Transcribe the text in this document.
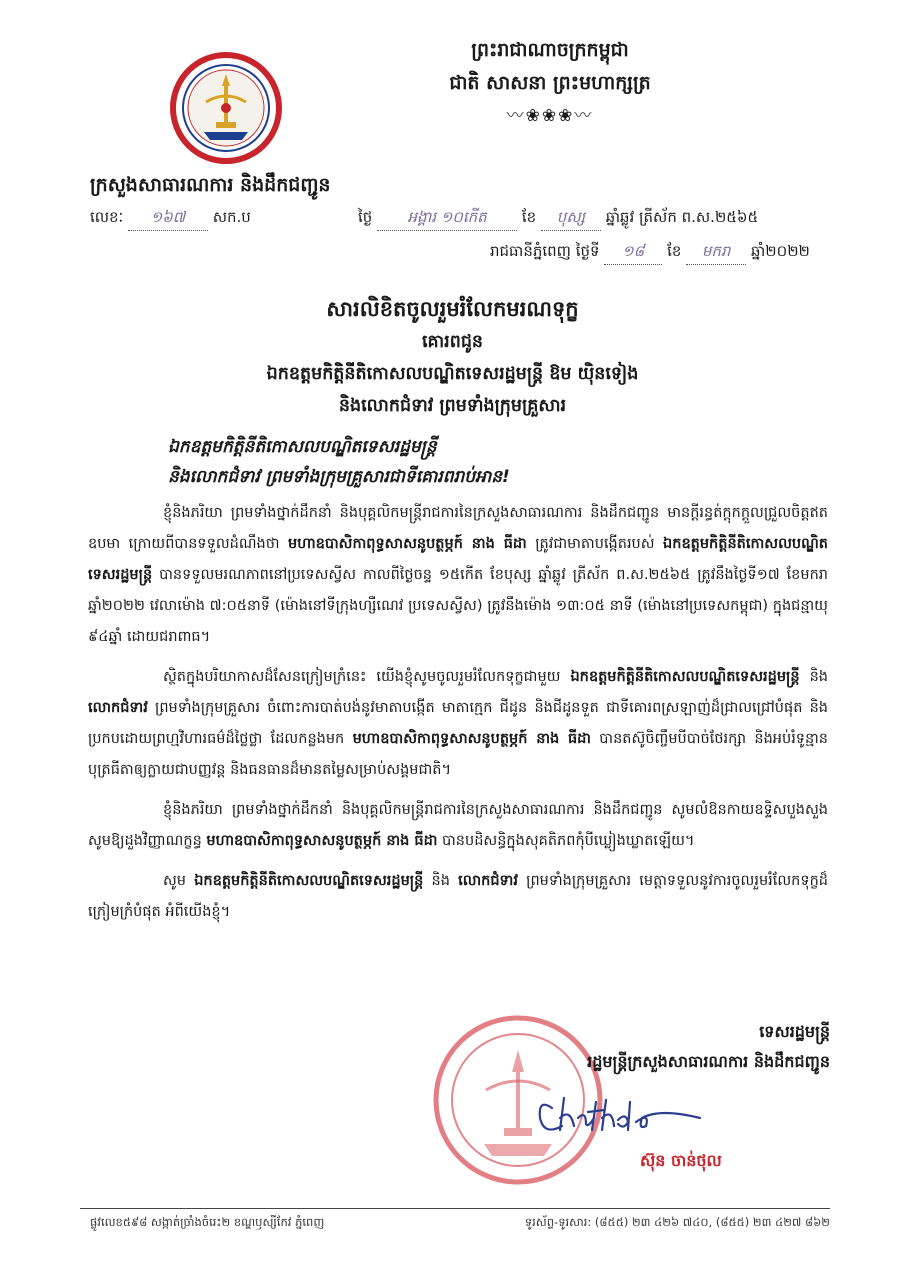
ព្រះរាជាណាចក្រកម្ពុជា
ជាតិ សាសនា ព្រះមហាក្សត្រ
〰❀❀❀〰
ក្រសួងសាធារណការ និងដឹកជញ្ជូន
លេខៈ ១៦៧ សក.ប	ថ្ងៃ អង្គារ ១០កើត ខែ បុស្ស ឆ្នាំឆ្លូវ ត្រីស័ក ព.ស.២៥៦៥
រាជធានីភ្នំពេញ ថ្ងៃទី ១៨ ខែ មករា ឆ្នាំ២០២២
សារលិខិតចូលរួមរំលែកមរណទុក្ខ
គោរពជូន
ឯកឧត្តមកិត្តិនីតិកោសលបណ្ឌិតទេសរដ្ឋមន្ត្រី ឱម យ៉ិនទៀង
និងលោកជំទាវ ព្រមទាំងក្រុមគ្រួសារ
ឯកឧត្តមកិត្តិនីតិកោសលបណ្ឌិតទេសរដ្ឋមន្ត្រី
និងលោកជំទាវ ព្រមទាំងក្រុមគ្រួសារជាទីគោរពរាប់អាន!

ខ្ញុំនិងភរិយា ព្រមទាំងថ្នាក់ដឹកនាំ និងបុគ្គលិកមន្ត្រីរាជការនៃក្រសួងសាធារណការ និងដឹកជញ្ជូន មានក្ដីរន្ធត់ក្ដុកក្ដួលជ្រួលចិត្តឥតឧបមា ក្រោយពីបានទទួលដំណឹងថា មហាឧបាសិកាពុទ្ធសាសនូបត្ថម្ភក៍ នាង ធីដា ត្រូវជាមាតាបង្កើតរបស់ ឯកឧត្តមកិត្តិនីតិកោសលបណ្ឌិតទេសរដ្ឋមន្ត្រី បានទទួលមរណភាពនៅប្រទេសស្វីស កាលពីថ្ងៃចន្ទ ១៥កើត ខែបុស្ស ឆ្នាំឆ្លូវ ត្រីស័ក ព.ស.២៥៦៥ ត្រូវនឹងថ្ងៃទី១៧ ខែមករា ឆ្នាំ២០២២ វេលាម៉ោង ៧:០៥នាទី (ម៉ោងនៅទីក្រុងហ្សឺណេវ ប្រទេសស្វីស) ត្រូវនឹងម៉ោង ១៣:០៥ នាទី (ម៉ោងនៅប្រទេសកម្ពុជា) ក្នុងជន្មាយុ ៩៤ឆ្នាំ ដោយជរាពាធ។

ស្ថិតក្នុងបរិយាកាសដ៏សែនក្រៀមក្រំនេះ យើងខ្ញុំសូមចូលរួមរំលែកទុក្ខជាមួយ ឯកឧត្តមកិត្តិនីតិកោសលបណ្ឌិតទេសរដ្ឋមន្ត្រី និង លោកជំទាវ ព្រមទាំងក្រុមគ្រួសារ ចំពោះការបាត់បង់នូវមាតាបង្កើត មាតាក្មេក ជីដូន និងជីដូនទួត ជាទីគោរពស្រឡាញ់ដ៏ជ្រាលជ្រៅបំផុត និងប្រកបដោយព្រហ្មវិហារធម៌ដ៏ថ្លៃថ្លា ដែលកន្លងមក មហាឧបាសិកាពុទ្ធសាសនូបត្ថម្ភក៍ នាង ធីដា បានតស៊ូចិញ្ចឹមបីបាច់ថែរក្សា និងអប់រំទូន្មានបុត្រធីតាឲ្យក្លាយជាបញ្ញវន្ត និងធនធានដ៏មានតម្លៃសម្រាប់សង្គមជាតិ។

ខ្ញុំនិងភរិយា ព្រមទាំងថ្នាក់ដឹកនាំ និងបុគ្គលិកមន្ត្រីរាជការនៃក្រសួងសាធារណការ និងដឹកជញ្ជូន សូមលំឱនកាយឧទ្ទិសបួងសួង សូមឱ្យដួងវិញ្ញាណក្ខន្ធ មហាឧបាសិកាពុទ្ធសាសនូបត្ថម្ភក៍ នាង ធីដា បានបដិសន្ធិក្នុងសុគតិភពកុំបីឃ្លៀងឃ្លាតឡើយ។

សូម ឯកឧត្តមកិត្តិនីតិកោសលបណ្ឌិតទេសរដ្ឋមន្ត្រី និង លោកជំទាវ ព្រមទាំងក្រុមគ្រួសារ មេត្តាទទួលនូវការចូលរួមរំលែកទុក្ខដ៏ក្រៀមក្រំបំផុត អំពីយើងខ្ញុំ។

ទេសរដ្ឋមន្ត្រី
រដ្ឋមន្ត្រីក្រសួងសាធារណការ និងដឹកជញ្ជូន
ស៊ុន ចាន់ថុល
ផ្លូវលេខ៥៩៨ សង្កាត់ច្រាំងចំរេះ២ ខណ្ឌឫស្សីកែវ ភ្នំពេញ	ទូរស័ព្ទ-ទូរសារ: (៨៥៥) ២៣ ៤២៦ ៧៤០, (៨៥៥) ២៣ ៤២៧ ៨៦២
